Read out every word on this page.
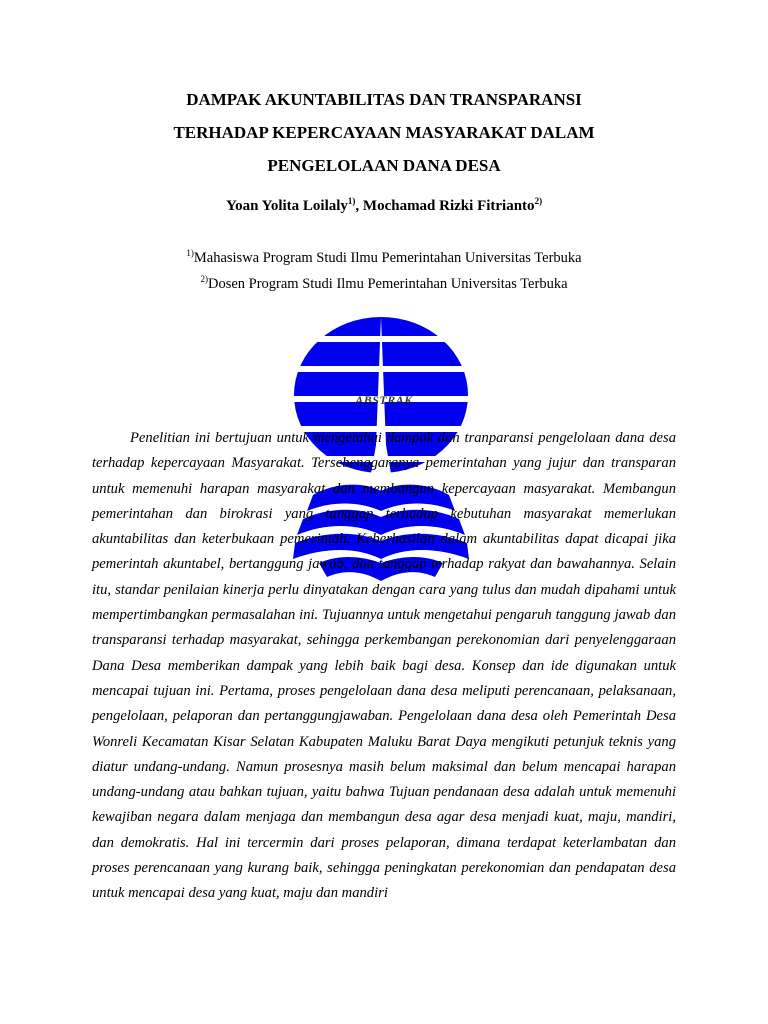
DAMPAK AKUNTABILITAS DAN TRANSPARANSI
TERHADAP KEPERCAYAAN MASYARAKAT DALAM
PENGELOLAAN DANA DESA
Yoan Yolita Loilaly$^{1)}$, Mochamad Rizki Fitrianto$^{2)}$
$^{1)}$Mahasiswa Program Studi Ilmu Pemerintahan Universitas Terbuka
$^{2)}$Dosen Program Studi Ilmu Pemerintahan Universitas Terbuka
ABSTRAK

Penelitian ini bertujuan untuk mengetahui dampak dan tranparansi pengelolaan dana desa terhadap kepercayaan Masyarakat. Tersebenggaranya pemerintahan yang jujur dan transparan untuk memenuhi harapan masyarakat dan membangun kepercayaan masyarakat. Membangun pemerintahan dan birokrasi yang tanggap terhadap kebutuhan masyarakat memerlukan akuntabilitas dan keterbukaan pemerintah. Keberhasilan dalam akuntabilitas dapat dicapai jika pemerintah akuntabel, bertanggung jawab, dan tanggap terhadap rakyat dan bawahannya. Selain itu, standar penilaian kinerja perlu dinyatakan dengan cara yang tulus dan mudah dipahami untuk mempertimbangkan permasalahan ini. Tujuannya untuk mengetahui pengaruh tanggung jawab dan transparansi terhadap masyarakat, sehingga perkembangan perekonomian dari penyelenggaraan Dana Desa memberikan dampak yang lebih baik bagi desa. Konsep dan ide digunakan untuk mencapai tujuan ini. Pertama, proses pengelolaan dana desa meliputi perencanaan, pelaksanaan, pengelolaan, pelaporan dan pertanggungjawaban. Pengelolaan dana desa oleh Pemerintah Desa Wonreli Kecamatan Kisar Selatan Kabupaten Maluku Barat Daya mengikuti petunjuk teknis yang diatur undang-undang. Namun prosesnya masih belum maksimal dan belum mencapai harapan undang-undang atau bahkan tujuan, yaitu bahwa Tujuan pendanaan desa adalah untuk memenuhi kewajiban negara dalam menjaga dan membangun desa agar desa menjadi kuat, maju, mandiri, dan demokratis. Hal ini tercermin dari proses pelaporan, dimana terdapat keterlambatan dan proses perencanaan yang kurang baik, sehingga peningkatan perekonomian dan pendapatan desa untuk mencapai desa yang kuat, maju dan mandiri
